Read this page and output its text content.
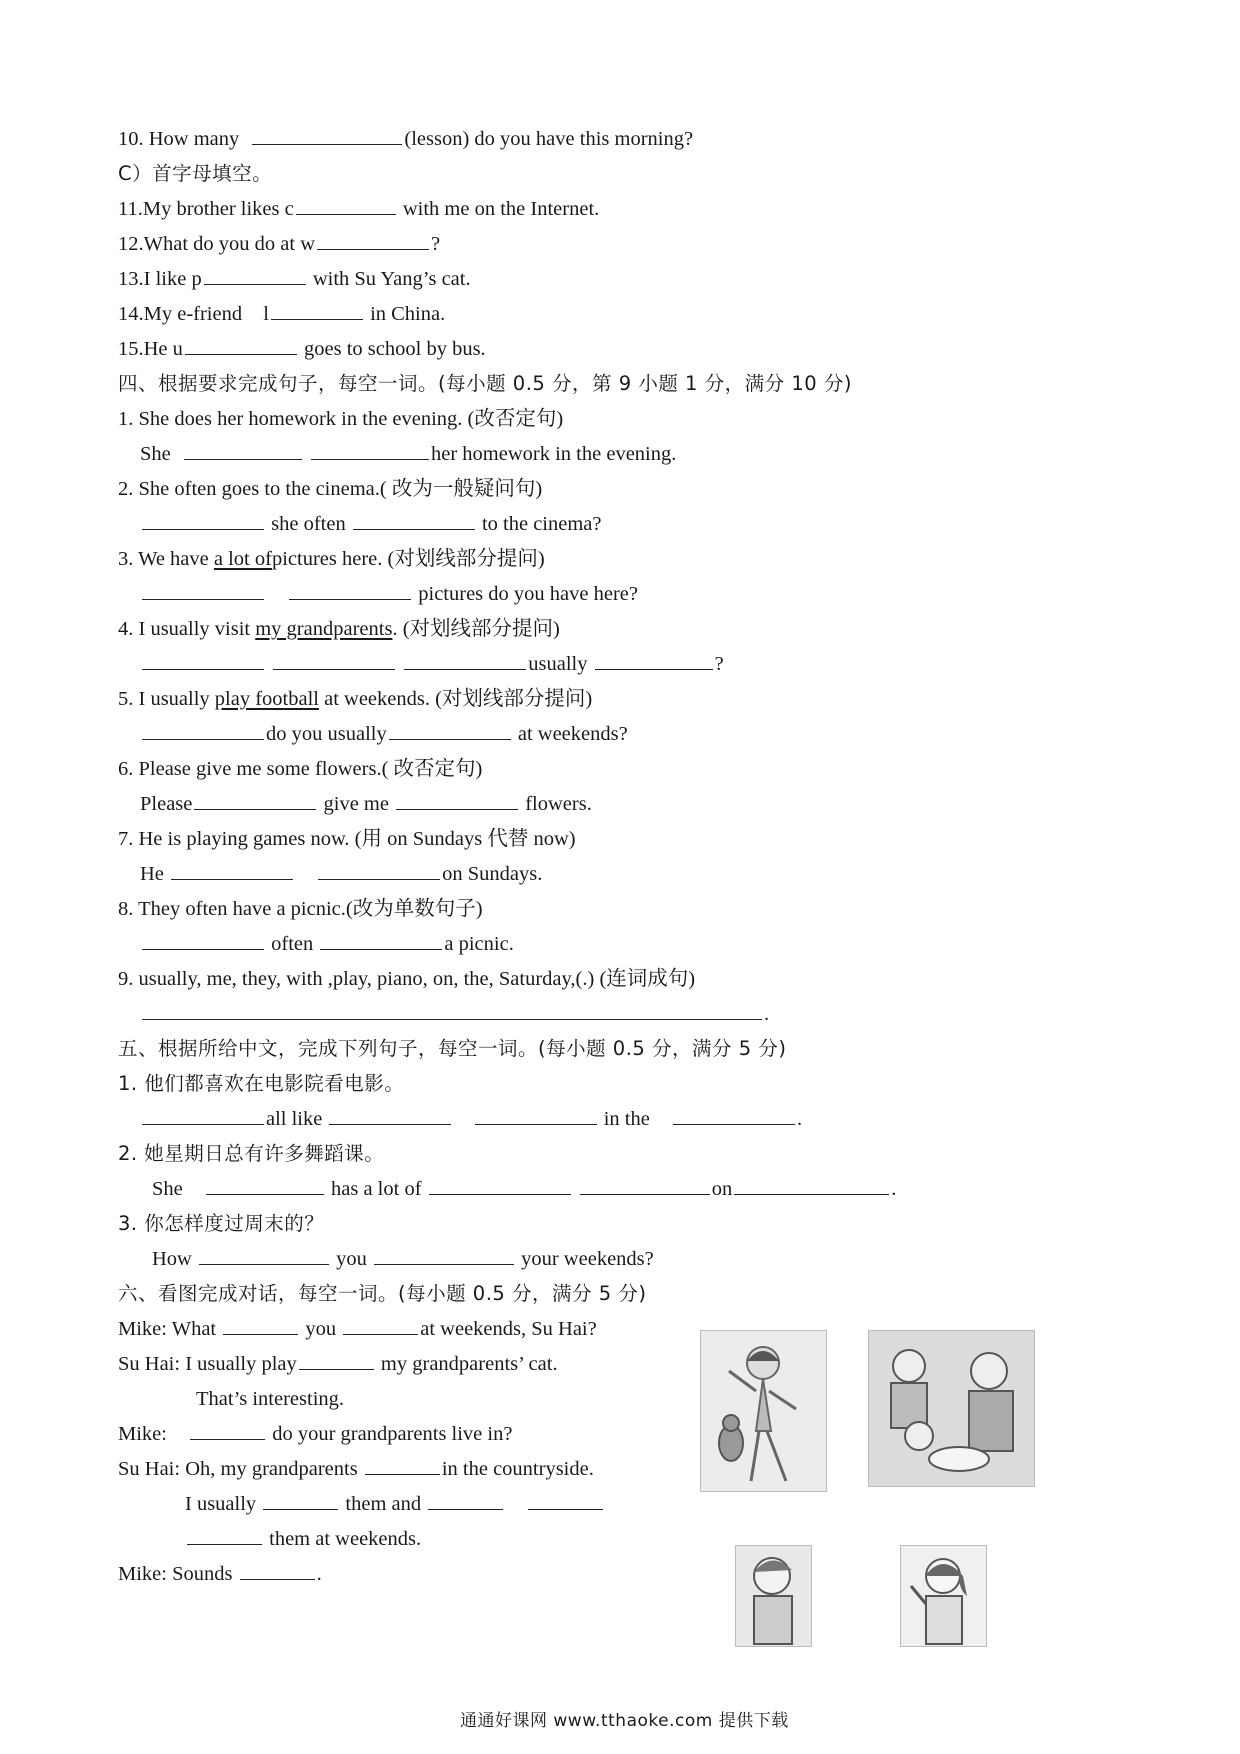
10. How many	(lesson) do you have this morning?
C）首字母填空。
11.My brother likes c	with me on the Internet.
12.What do you do at w	?
13.I like p	with Su Yang’s cat.
14.My e-friend l	in China.
15.He u	goes to school by bus.
四、根据要求完成句子，每空一词。(每小题 0.5 分，第 9 小题 1 分，满分 10 分)
1. She does her homework in the evening. (改否定句)
She	her homework in the evening.
2. She often goes to the cinema.( 改为一般疑问句)
she often	to the cinema?
3. We have a lot ofpictures here. (对划线部分提问)
pictures do you have here?
4. I usually visit my grandparents. (对划线部分提问)
usually	?
5. I usually play football at weekends. (对划线部分提问)
do you usually	at weekends?
6. Please give me some flowers.( 改否定句)
Please	give me	flowers.
7. He is playing games now. (用 on Sundays 代替 now)
He	on Sundays.
8. They often have a picnic.(改为单数句子)
often	a picnic.
9. usually, me, they, with ,play, piano, on, the, Saturday,(.) (连词成句)
.
五、根据所给中文，完成下列句子，每空一词。(每小题 0.5 分，满分 5 分)
1. 他们都喜欢在电影院看电影。
all like	in the	.
2. 她星期日总有许多舞蹈课。
She	has a lot of	on	.
3. 你怎样度过周末的？
How	you	your weekends?
六、看图完成对话，每空一词。(每小题 0.5 分，满分 5 分)
Mike: What	you	at weekends, Su Hai?
Su Hai: I usually play	my grandparents’ cat.
That’s interesting.
Mike:	do your grandparents live in?
Su Hai: Oh, my grandparents	in the countryside.
I usually	them and
them at weekends.
Mike: Sounds	.
通通好课网 www.tthaoke.com 提供下载
